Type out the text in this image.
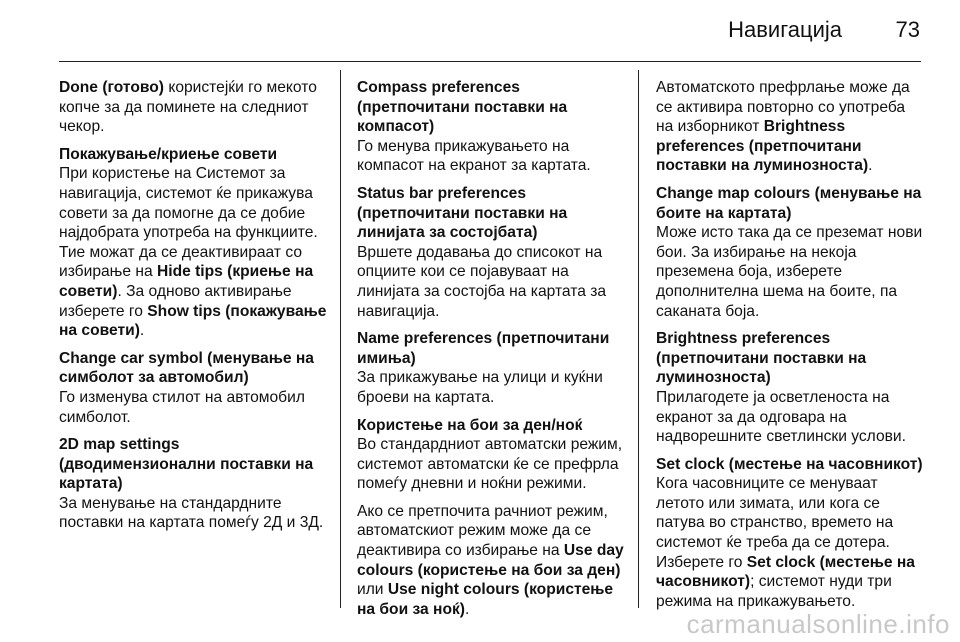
Навигација 73

Done (готово) користејќи го мекото копче за да поминете на следниот чекор.

Покажување/криење совети
При користење на Системот за навигација, системот ќе прикажува совети за да помогне да се добие најдобрата употреба на функциите. Тие можат да се деактивираат со избирање на Hide tips (криење на совети). За одново активирање изберете го Show tips (покажување на совети).
Change car symbol (менување на симболот за автомобил)
Го изменува стилот на автомобил симболот.
2D map settings (дводимензионални поставки на картата)
За менување на стандардните поставки на картата помеѓу 2Д и 3Д.
Compass preferences (претпочитани поставки на компасот)
Го менува прикажувањето на компасот на екранот за картата.
Status bar preferences (претпочитани поставки на линијата за состојбата)
Вршете додавања до списокот на опциите кои се појавуваат на линијата за состојба на картата за навигација.
Name preferences (претпочитани имиња)
За прикажување на улици и куќни броеви на картата.
Користење на бои за ден/ноќ
Во стандардниот автоматски режим, системот автоматски ќе се префрла помеѓу дневни и ноќни режими.

Ако се претпочита рачниот режим, автоматскиот режим може да се деактивира со избирање на Use day colours (користење на бои за ден) или Use night colours (користење на бои за ноќ).

Автоматското префрлање може да се активира повторно со употреба на изборникот Brightness preferences (претпочитани поставки на луминозноста).

Change map colours (менување на боите на картата)
Може исто така да се преземат нови бои. За избирање на некоја преземена боја, изберете дополнителна шема на боите, па саканата боја.
Brightness preferences (претпочитани поставки на луминозноста)
Прилагодете ја осветленоста на екранот за да одговара на надворешните светлински услови.
Set clock (местење на часовникот)
Кога часовниците се менуваат летото или зимата, или кога се патува во странство, времето на системот ќе треба да се дотера. Изберете го Set clock (местење на часовникот); системот нуди три режима на прикажувањето.
carmanualsonline.info
